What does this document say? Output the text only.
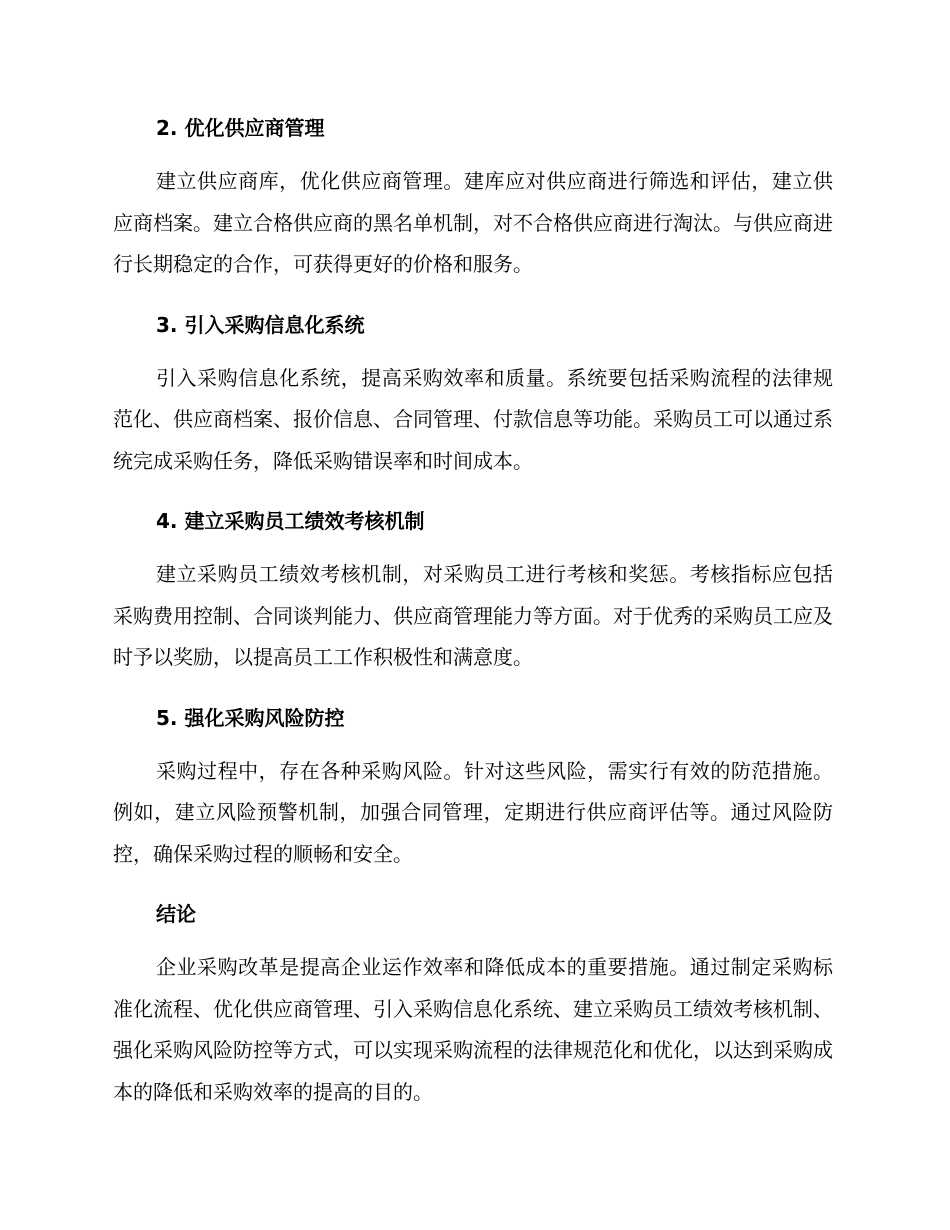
2. 优化供应商管理

建立供应商库，优化供应商管理。建库应对供应商进行筛选和评估，建立供应商档案。建立合格供应商的黑名单机制，对不合格供应商进行淘汰。与供应商进行长期稳定的合作，可获得更好的价格和服务。

3. 引入采购信息化系统

引入采购信息化系统，提高采购效率和质量。系统要包括采购流程的法律规范化、供应商档案、报价信息、合同管理、付款信息等功能。采购员工可以通过系统完成采购任务，降低采购错误率和时间成本。

4. 建立采购员工绩效考核机制

建立采购员工绩效考核机制，对采购员工进行考核和奖惩。考核指标应包括采购费用控制、合同谈判能力、供应商管理能力等方面。对于优秀的采购员工应及时予以奖励，以提高员工工作积极性和满意度。

5. 强化采购风险防控

采购过程中，存在各种采购风险。针对这些风险，需实行有效的防范措施。例如，建立风险预警机制，加强合同管理，定期进行供应商评估等。通过风险防控，确保采购过程的顺畅和安全。

结论

企业采购改革是提高企业运作效率和降低成本的重要措施。通过制定采购标准化流程、优化供应商管理、引入采购信息化系统、建立采购员工绩效考核机制、强化采购风险防控等方式，可以实现采购流程的法律规范化和优化，以达到采购成本的降低和采购效率的提高的目的。
